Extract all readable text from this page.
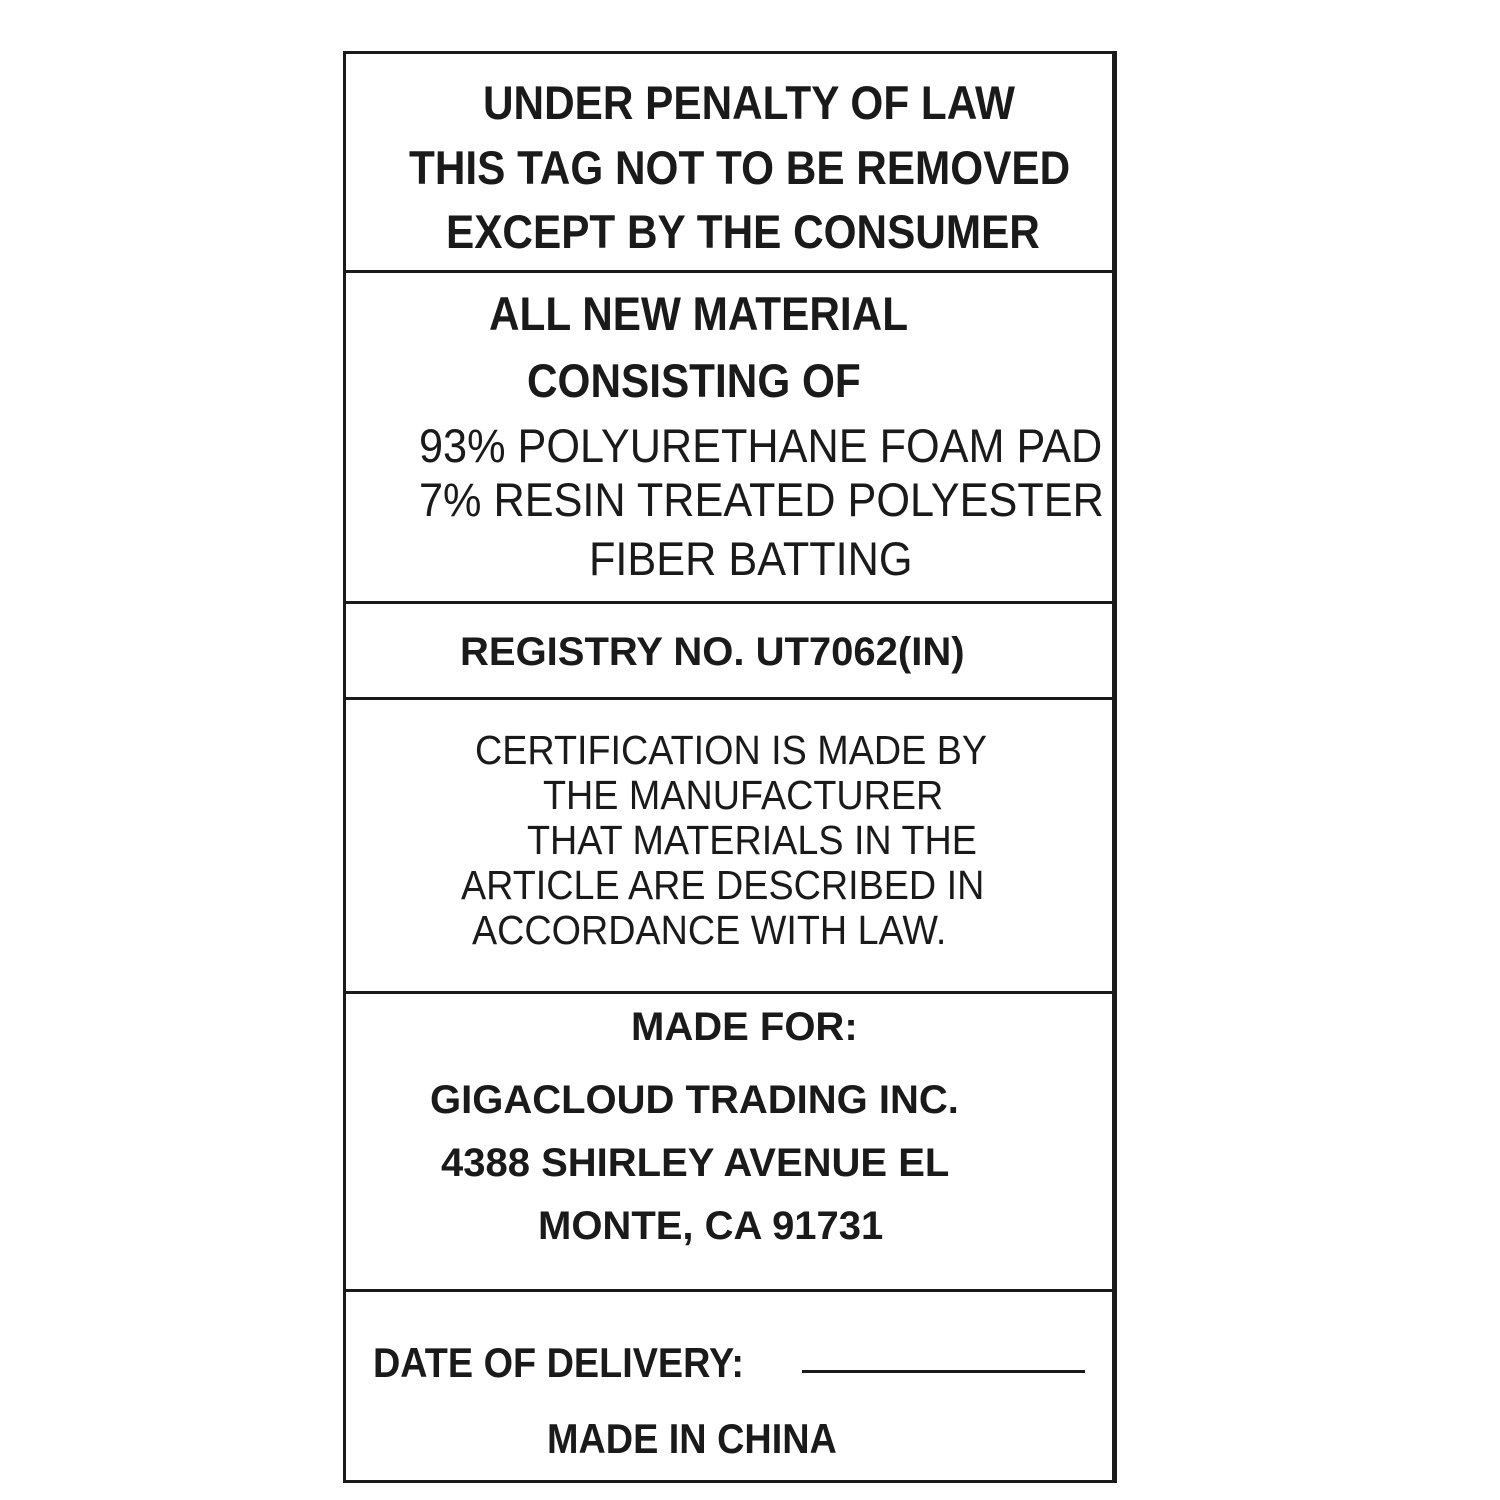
UNDER PENALTY OF LAW
THIS TAG NOT TO BE REMOVED
EXCEPT BY THE CONSUMER
ALL NEW MATERIAL
CONSISTING OF
93% POLYURETHANE FOAM PAD
7% RESIN TREATED POLYESTER
FIBER BATTING
REGISTRY NO. UT7062(IN)
CERTIFICATION IS MADE BY
THE MANUFACTURER
THAT MATERIALS IN THE
ARTICLE ARE DESCRIBED IN
ACCORDANCE WITH LAW.
MADE FOR:
GIGACLOUD TRADING INC.
4388 SHIRLEY AVENUE EL
MONTE, CA 91731
DATE OF DELIVERY:
MADE IN CHINA
